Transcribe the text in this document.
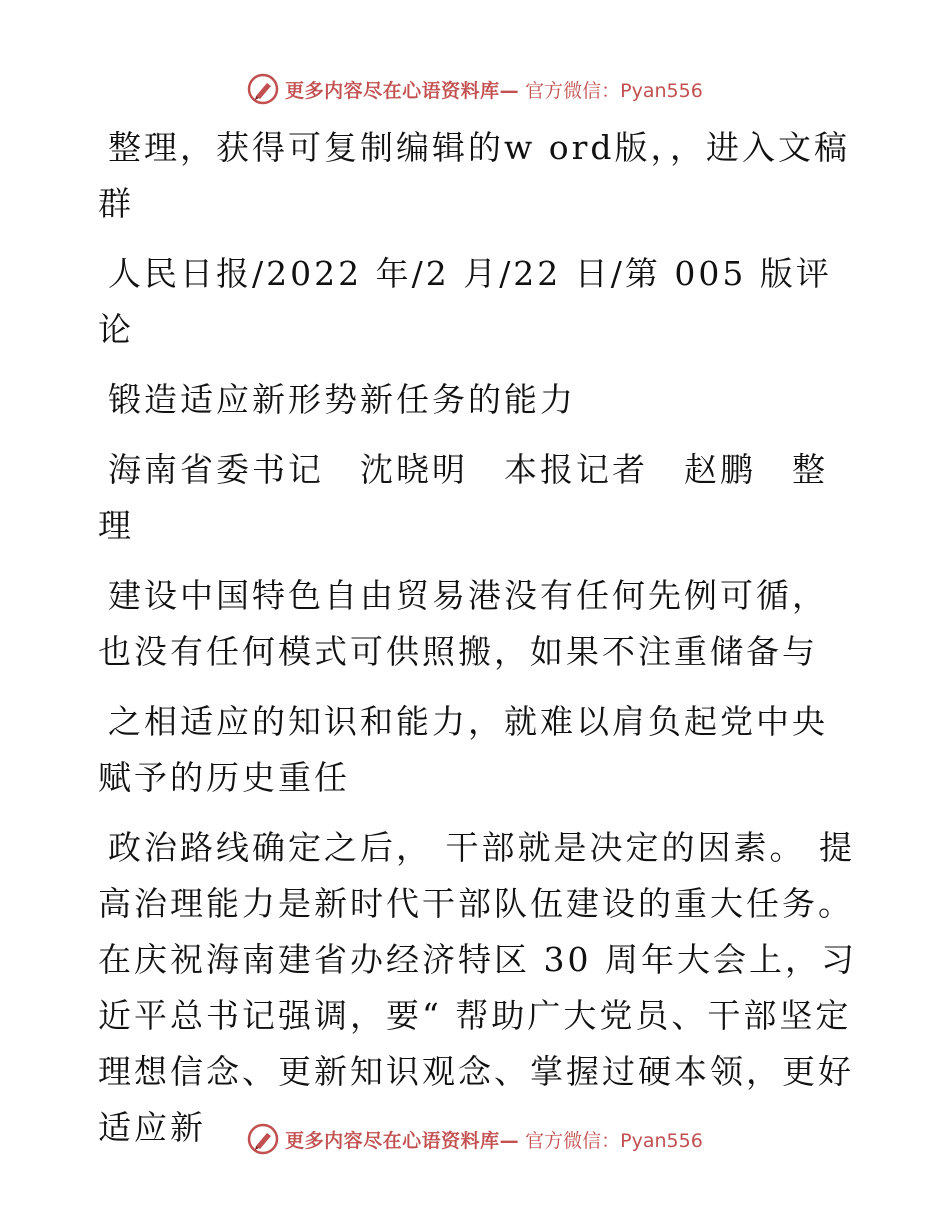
更多内容尽在心语资料库— 官方微信：Pyan556

整理，获得可复制编辑的w ord版，，进入文稿群

人民日报/2022 年/2 月/22 日/第 005 版评论

锻造适应新形势新任务的能力

海南省委书记　沈晓明　本报记者　赵鹏　整理

建设中国特色自由贸易港没有任何先例可循，也没有任何模式可供照搬，如果不注重储备与

之相适应的知识和能力，就难以肩负起党中央赋予的历史重任

政治路线确定之后， 干部就是决定的因素。 提高治理能力是新时代干部队伍建设的重大任务。在庆祝海南建省办经济特区 30 周年大会上，习近平总书记强调，要“ 帮助广大党员、干部坚定理想信念、更新知识观念、掌握过硬本领，更好适应新	更多内容尽在心语资料库— 官方微信：Pyan556
